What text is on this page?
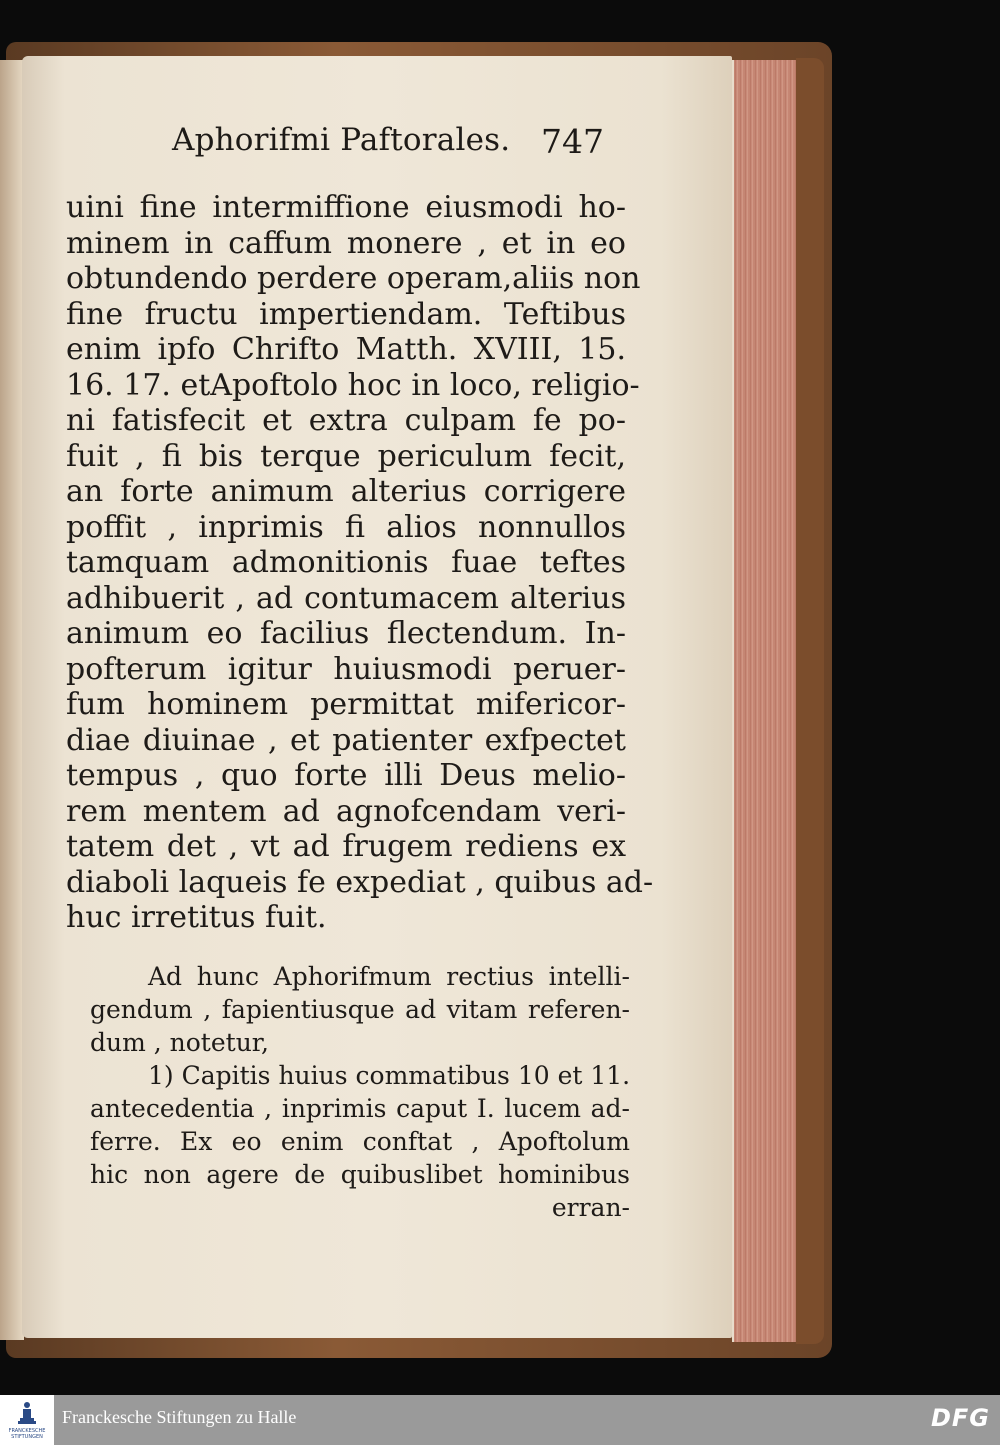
Aphorifmi Paftorales. 747
uini fine intermiffione eiusmodi ho-
minem in caffum monere , et in eo
obtundendo perdere operam,aliis non
fine fructu impertiendam. Teftibus
enim ipfo Chrifto Matth. XVIII, 15.
16. 17. etApoftolo hoc in loco, religio-
ni fatisfecit et extra culpam fe po-
fuit , fi bis terque periculum fecit,
an forte animum alterius corrigere
poffit , inprimis fi alios nonnullos
tamquam admonitionis fuae teftes
adhibuerit , ad contumacem alterius
animum eo facilius flectendum. In-
pofterum igitur huiusmodi peruer-
fum hominem permittat mifericor-
diae diuinae , et patienter exfpectet
tempus , quo forte illi Deus melio-
rem mentem ad agnofcendam veri-
tatem det , vt ad frugem rediens ex
diaboli laqueis fe expediat , quibus ad-
huc irretitus fuit.
Ad hunc Aphorifmum rectius intelli-
gendum , fapientiusque ad vitam referen-
dum , notetur,
1) Capitis huius commatibus 10 et 11.
antecedentia , inprimis caput I. lucem ad-
ferre. Ex eo enim conftat , Apoftolum
hic non agere de quibuslibet hominibus
erran-
FRANCKESCHE STIFTUNGEN
Franckesche Stiftungen zu Halle	DFG
